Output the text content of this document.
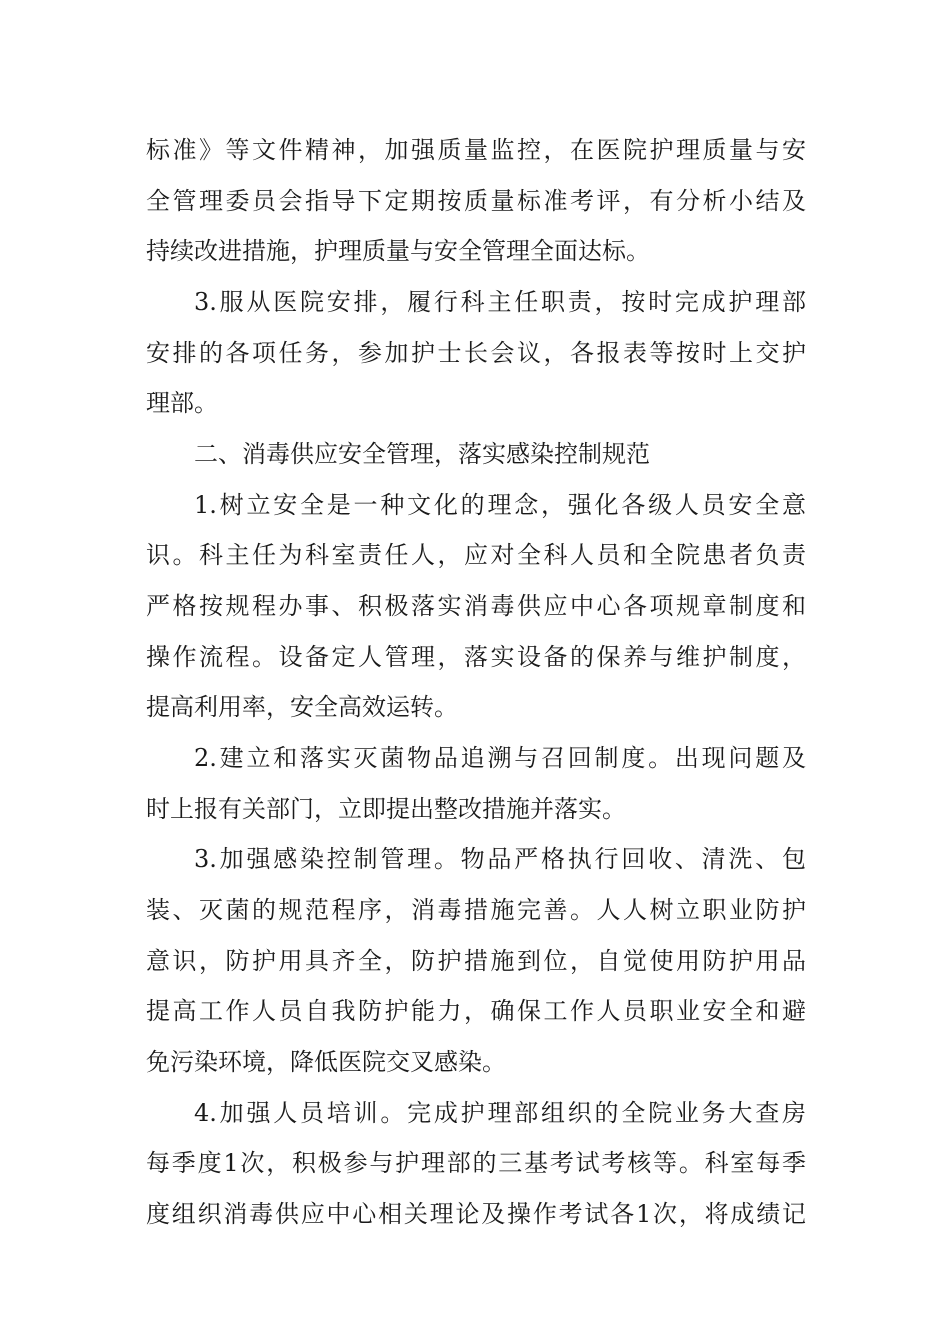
标准》等文件精神，加强质量监控，在医院护理质量与安
全管理委员会指导下定期按质量标准考评，有分析小结及
持续改进措施，护理质量与安全管理全面达标。
3.服从医院安排，履行科主任职责，按时完成护理部
安排的各项任务，参加护士长会议，各报表等按时上交护
理部。
二、消毒供应安全管理，落实感染控制规范
1.树立安全是一种文化的理念，强化各级人员安全意
识。科主任为科室责任人，应对全科人员和全院患者负责
严格按规程办事、积极落实消毒供应中心各项规章制度和
操作流程。设备定人管理，落实设备的保养与维护制度，
提高利用率，安全高效运转。
2.建立和落实灭菌物品追溯与召回制度。出现问题及
时上报有关部门，立即提出整改措施并落实。
3.加强感染控制管理。物品严格执行回收、清洗、包
装、灭菌的规范程序，消毒措施完善。人人树立职业防护
意识，防护用具齐全，防护措施到位，自觉使用防护用品
提高工作人员自我防护能力，确保工作人员职业安全和避
免污染环境，降低医院交叉感染。
4.加强人员培训。完成护理部组织的全院业务大查房
每季度1次，积极参与护理部的三基考试考核等。科室每季
度组织消毒供应中心相关理论及操作考试各1次，将成绩记
